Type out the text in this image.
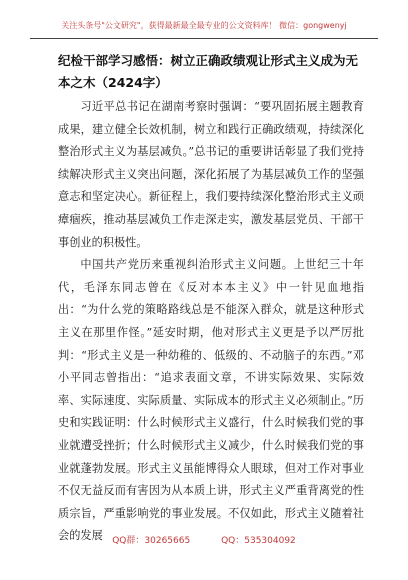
关注头条号"公文研究"，获得最新最全最专业的公文资料库！ 微信：gongwenyj
纪检干部学习感悟：树立正确政绩观让形式主义成为无本之木（2424字）

习近平总书记在湖南考察时强调：“要巩固拓展主题教育成果，建立健全长效机制，树立和践行正确政绩观，持续深化整治形式主义为基层减负。”总书记的重要讲话彰显了我们党持续解决形式主义突出问题，深化拓展了为基层减负工作的坚强意志和坚定决心。新征程上，我们要持续深化整治形式主义顽瘴痼疾，推动基层减负工作走深走实，激发基层党员、干部干事创业的积极性。

中国共产党历来重视纠治形式主义问题。上世纪三十年代，毛泽东同志曾在《反对本本主义》中一针见血地指出：“为什么党的策略路线总是不能深入群众，就是这种形式主义在那里作怪。”延安时期，他对形式主义更是予以严厉批判：“形式主义是一种幼稚的、低级的、不动脑子的东西。”邓小平同志曾指出：“追求表面文章，不讲实际效果、实际效率、实际速度、实际质量、实际成本的形式主义必须制止。”历史和实践证明：什么时候形式主义盛行，什么时候我们党的事业就遭受挫折；什么时候形式主义减少，什么时候我们党的事业就蓬勃发展。形式主义虽能博得众人眼球，但对工作对事业不仅无益反而有害因为从本质上讲，形式主义严重背离党的性质宗旨，严重影响党的事业发展。不仅如此，形式主义随着社会的发展	QQ群：30265665	QQ：535304092
